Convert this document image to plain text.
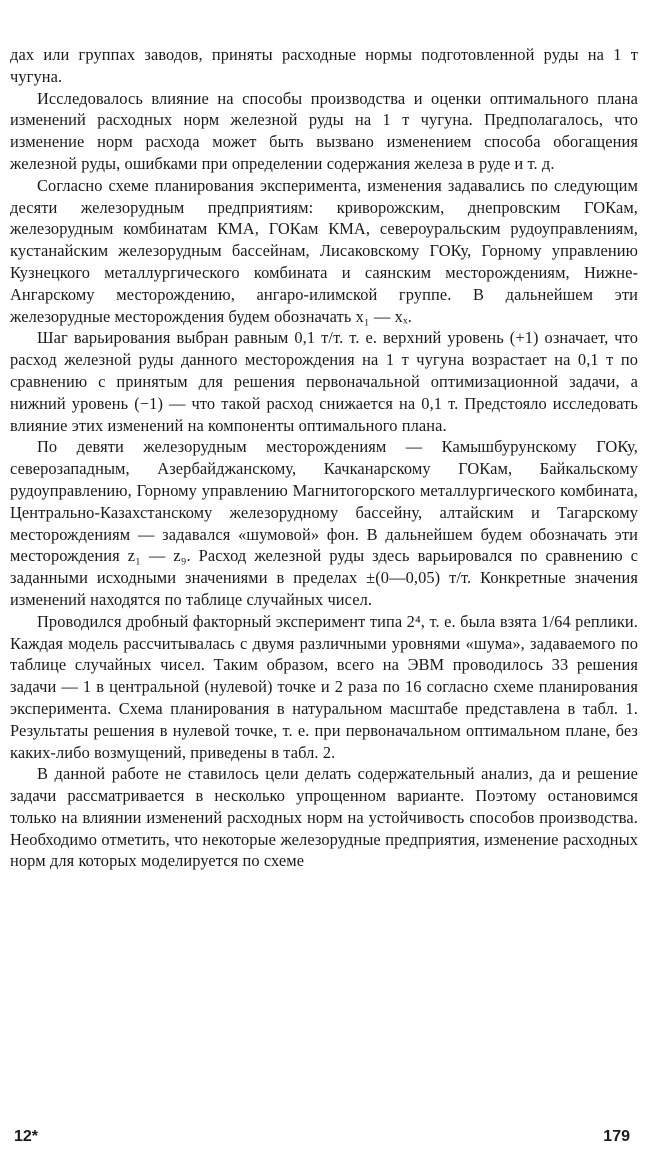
дах или группах заводов, приняты расходные нормы подготовленной руды на 1 т чугуна.

Исследовалось влияние на способы производства и оценки оптимального плана изменений расходных норм железной руды на 1 т чугуна. Предполагалось, что изменение норм расхода может быть вызвано изменением способа обогащения железной руды, ошибками при определении содержания железа в руде и т. д.

Согласно схеме планирования эксперимента, изменения задавались по следующим десяти железорудным предприятиям: криворожским, днепровским ГОКам, железорудным комбинатам КМА, ГОКам КМА, североуральским рудоуправлениям, кустанайским железорудным бассейнам, Лисаковскому ГОКу, Горному управлению Кузнецкого металлургического комбината и саянским месторождениям, Нижне-Ангарскому месторождению, ангаро-илимской группе. В дальнейшем эти железорудные месторождения будем обозначать x₁ — xₓ.

Шаг варьирования выбран равным 0,1 т/т. т. е. верхний уровень (+1) означает, что расход железной руды данного месторождения на 1 т чугуна возрастает на 0,1 т по сравнению с принятым для решения первоначальной оптимизационной задачи, а нижний уровень (−1) — что такой расход снижается на 0,1 т. Предстояло исследовать влияние этих изменений на компоненты оптимального плана.

По девяти железорудным месторождениям — Камышбурунскому ГОКу, северозападным, Азербайджанскому, Качканарскому ГОКам, Байкальскому рудоуправлению, Горному управлению Магнитогорского металлургического комбината, Центрально-Казахстанскому железорудному бассейну, алтайским и Тагарскому месторождениям — задавался «шумовой» фон. В дальнейшем будем обозначать эти месторождения z₁ — z₉. Расход железной руды здесь варьировался по сравнению с заданными исходными значениями в пределах ±(0—0,05) т/т. Конкретные значения изменений находятся по таблице случайных чисел.

Проводился дробный факторный эксперимент типа 2⁴, т. е. была взята 1/64 реплики. Каждая модель рассчитывалась с двумя различными уровнями «шума», задаваемого по таблице случайных чисел. Таким образом, всего на ЭВМ проводилось 33 решения задачи — 1 в центральной (нулевой) точке и 2 раза по 16 согласно схеме планирования эксперимента. Схема планирования в натуральном масштабе представлена в табл. 1. Результаты решения в нулевой точке, т. е. при первоначальном оптимальном плане, без каких-либо возмущений, приведены в табл. 2.

В данной работе не ставилось цели делать содержательный анализ, да и решение задачи рассматривается в несколько упрощенном варианте. Поэтому остановимся только на влиянии изменений расходных норм на устойчивость способов производства. Необходимо отметить, что некоторые железорудные предприятия, изменение расходных норм для которых моделируется по схеме

12*	179
